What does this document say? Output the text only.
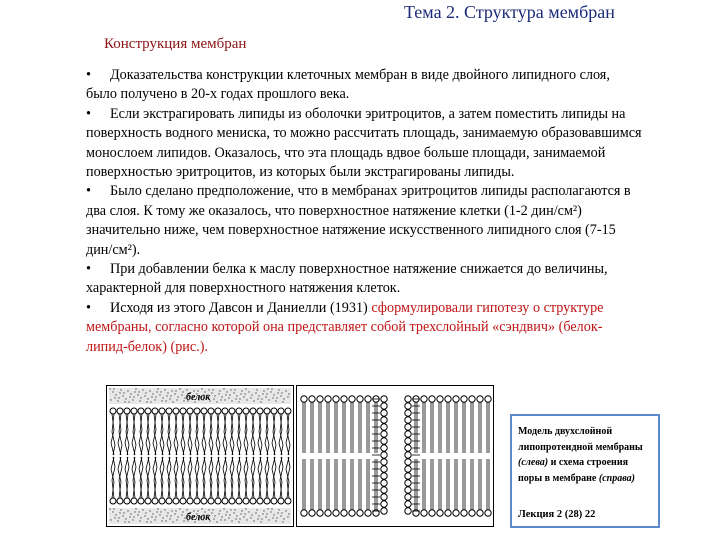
Тема 2. Структура мембран
Конструкция мембран

• Доказательства конструкции клеточных мембран в виде двойного липидного слоя, было получено в 20-х годах прошлого века.

• Если экстрагировать липиды из оболочки эритроцитов, а затем поместить липиды на поверхность водного мениска, то можно рассчитать площадь, занимаемую образовавшимся монослоем липидов. Оказалось, что эта площадь вдвое больше площади, занимаемой поверхностью эритроцитов, из которых были экстрагированы липиды.

• Было сделано предположение, что в мембранах эритроцитов липиды располагаются в два слоя. К тому же оказалось, что поверхностное натяжение клетки (1-2 дин/см²) значительно ниже, чем поверхностное натяжение искусственного липидного слоя (7-15 дин/см²).

• При добавлении белка к маслу поверхностное натяжение снижается до величины, характерной для поверхностного натяжения клеток.

• Исходя из этого Давсон и Даниелли (1931) сформулировали гипотезу о структуре мембраны, согласно которой она представляет собой трехслойный «сэндвич» (белок-липид-белок) (рис.).

белок
белок
Модель двухслойной липопротеидной мембраны (слева) и схема строения поры в мембране (справа)
Лекция 2 (28) 22
